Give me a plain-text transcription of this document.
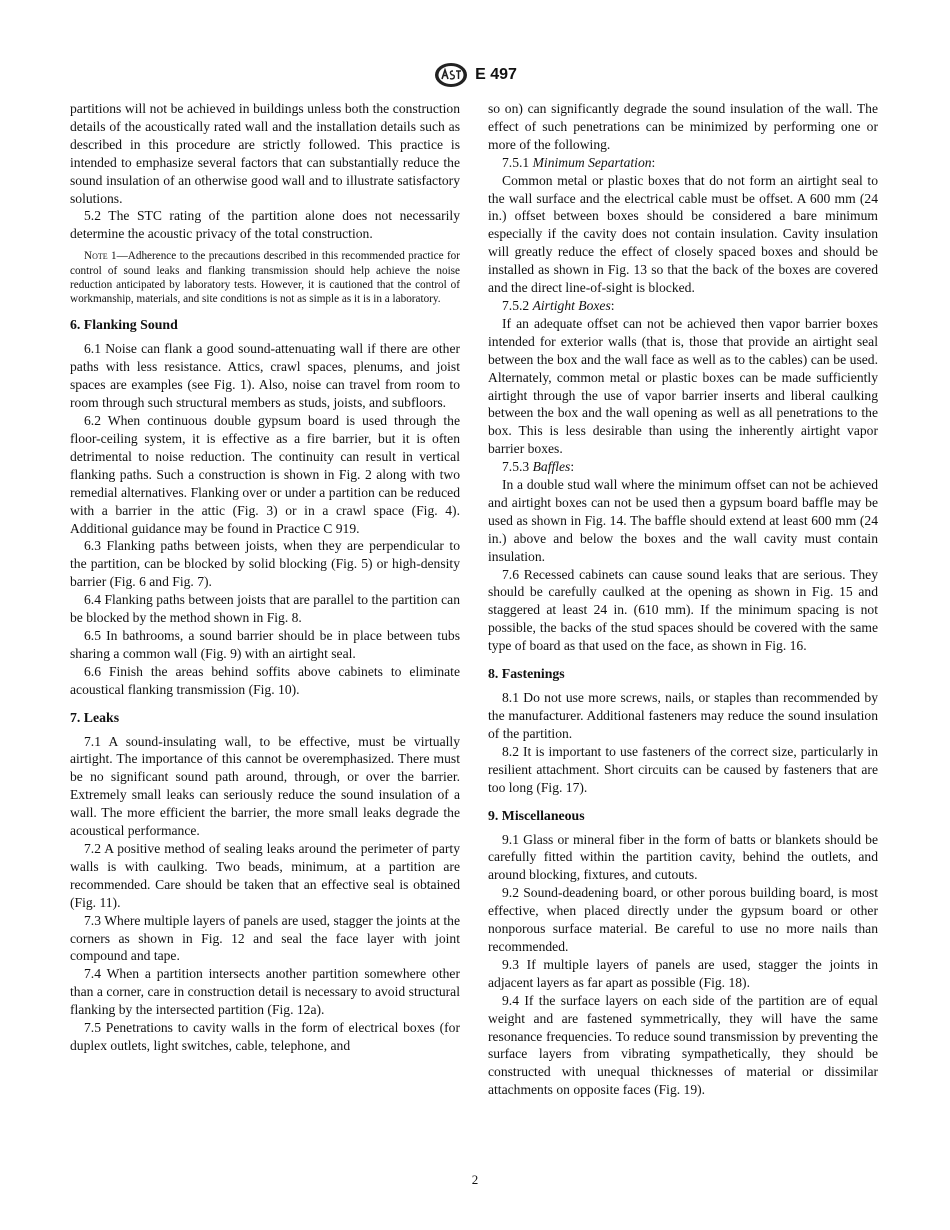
E 497

partitions will not be achieved in buildings unless both the construction details of the acoustically rated wall and the installation details such as described in this procedure are strictly followed. This practice is intended to emphasize several factors that can substantially reduce the sound insulation of an otherwise good wall and to illustrate satisfactory solutions.

5.2 The STC rating of the partition alone does not necessarily determine the acoustic privacy of the total construction.

Note 1—Adherence to the precautions described in this recommended practice for control of sound leaks and flanking transmission should help achieve the noise reduction anticipated by laboratory tests. However, it is cautioned that the control of workmanship, materials, and site conditions is not as simple as it is in a laboratory.

6. Flanking Sound

6.1 Noise can flank a good sound-attenuating wall if there are other paths with less resistance. Attics, crawl spaces, plenums, and joist spaces are examples (see Fig. 1). Also, noise can travel from room to room through such structural members as studs, joists, and subfloors.

6.2 When continuous double gypsum board is used through the floor-ceiling system, it is effective as a fire barrier, but it is often detrimental to noise reduction. The continuity can result in vertical flanking paths. Such a construction is shown in Fig. 2 along with two remedial alternatives. Flanking over or under a partition can be reduced with a barrier in the attic (Fig. 3) or in a crawl space (Fig. 4). Additional guidance may be found in Practice C 919.

6.3 Flanking paths between joists, when they are perpendicular to the partition, can be blocked by solid blocking (Fig. 5) or high-density barrier (Fig. 6 and Fig. 7).

6.4 Flanking paths between joists that are parallel to the partition can be blocked by the method shown in Fig. 8.

6.5 In bathrooms, a sound barrier should be in place between tubs sharing a common wall (Fig. 9) with an airtight seal.

6.6 Finish the areas behind soffits above cabinets to eliminate acoustical flanking transmission (Fig. 10).

7. Leaks

7.1 A sound-insulating wall, to be effective, must be virtually airtight. The importance of this cannot be overemphasized. There must be no significant sound path around, through, or over the barrier. Extremely small leaks can seriously reduce the sound insulation of a wall. The more efficient the barrier, the more small leaks degrade the acoustical performance.

7.2 A positive method of sealing leaks around the perimeter of party walls is with caulking. Two beads, minimum, at a partition are recommended. Care should be taken that an effective seal is obtained (Fig. 11).

7.3 Where multiple layers of panels are used, stagger the joints at the corners as shown in Fig. 12 and seal the face layer with joint compound and tape.

7.4 When a partition intersects another partition somewhere other than a corner, care in construction detail is necessary to avoid structural flanking by the intersected partition (Fig. 12a).

7.5 Penetrations to cavity walls in the form of electrical boxes (for duplex outlets, light switches, cable, telephone, and

so on) can significantly degrade the sound insulation of the wall. The effect of such penetrations can be minimized by performing one or more of the following.

7.5.1 Minimum Separtation:

Common metal or plastic boxes that do not form an airtight seal to the wall surface and the electrical cable must be offset. A 600 mm (24 in.) offset between boxes should be considered a bare minimum especially if the cavity does not contain insulation. Cavity insulation will greatly reduce the effect of closely spaced boxes and should be installed as shown in Fig. 13 so that the back of the boxes are covered and the direct line-of-sight is blocked.

7.5.2 Airtight Boxes:

If an adequate offset can not be achieved then vapor barrier boxes intended for exterior walls (that is, those that provide an airtight seal between the box and the wall face as well as to the cables) can be used. Alternately, common metal or plastic boxes can be made sufficiently airtight through the use of vapor barrier inserts and liberal caulking between the box and the wall opening as well as all penetrations to the box. This is less desirable than using the inherently airtight vapor barrier boxes.

7.5.3 Baffles:

In a double stud wall where the minimum offset can not be achieved and airtight boxes can not be used then a gypsum board baffle may be used as shown in Fig. 14. The baffle should extend at least 600 mm (24 in.) above and below the boxes and the wall cavity must contain insulation.

7.6 Recessed cabinets can cause sound leaks that are serious. They should be carefully caulked at the opening as shown in Fig. 15 and staggered at least 24 in. (610 mm). If the minimum spacing is not possible, the backs of the stud spaces should be covered with the same type of board as that used on the face, as shown in Fig. 16.

8. Fastenings

8.1 Do not use more screws, nails, or staples than recommended by the manufacturer. Additional fasteners may reduce the sound insulation of the partition.

8.2 It is important to use fasteners of the correct size, particularly in resilient attachment. Short circuits can be caused by fasteners that are too long (Fig. 17).

9. Miscellaneous

9.1 Glass or mineral fiber in the form of batts or blankets should be carefully fitted within the partition cavity, behind the outlets, and around blocking, fixtures, and cutouts.

9.2 Sound-deadening board, or other porous building board, is most effective, when placed directly under the gypsum board or other nonporous surface material. Be careful to use no more nails than recommended.

9.3 If multiple layers of panels are used, stagger the joints in adjacent layers as far apart as possible (Fig. 18).

9.4 If the surface layers on each side of the partition are of equal weight and are fastened symmetrically, they will have the same resonance frequencies. To reduce sound transmission by preventing the surface layers from vibrating sympathetically, they should be constructed with unequal thicknesses of material or dissimilar attachments on opposite faces (Fig. 19).

2
